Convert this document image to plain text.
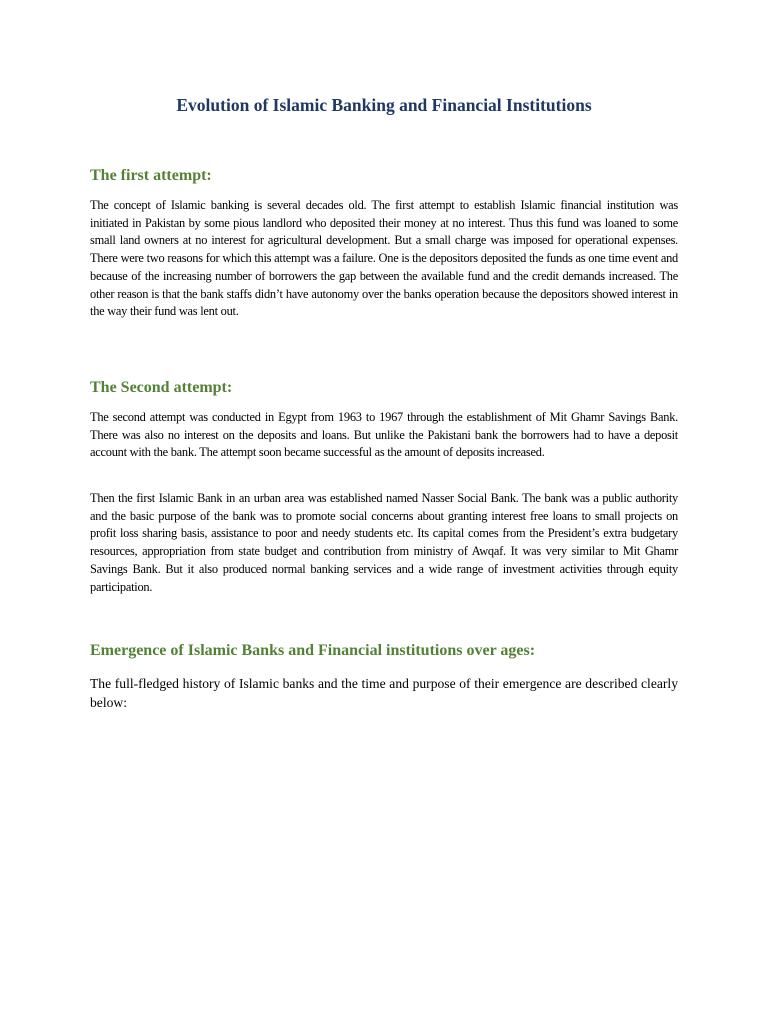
Evolution of Islamic Banking and Financial Institutions
The first attempt:

The concept of Islamic banking is several decades old. The first attempt to establish Islamic financial institution was initiated in Pakistan by some pious landlord who deposited their money at no interest. Thus this fund was loaned to some small land owners at no interest for agricultural development. But a small charge was imposed for operational expenses. There were two reasons for which this attempt was a failure. One is the depositors deposited the funds as one time event and because of the increasing number of borrowers the gap between the available fund and the credit demands increased. The other reason is that the bank staffs didn’t have autonomy over the banks operation because the depositors showed interest in the way their fund was lent out.

The Second attempt:

The second attempt was conducted in Egypt from 1963 to 1967 through the establishment of Mit Ghamr Savings Bank. There was also no interest on the deposits and loans. But unlike the Pakistani bank the borrowers had to have a deposit account with the bank. The attempt soon became successful as the amount of deposits increased.

Then the first Islamic Bank in an urban area was established named Nasser Social Bank. The bank was a public authority and the basic purpose of the bank was to promote social concerns about granting interest free loans to small projects on profit loss sharing basis, assistance to poor and needy students etc. Its capital comes from the President’s extra budgetary resources, appropriation from state budget and contribution from ministry of Awqaf. It was very similar to Mit Ghamr Savings Bank. But it also produced normal banking services and a wide range of investment activities through equity participation.

Emergence of Islamic Banks and Financial institutions over ages:

The full-fledged history of Islamic banks and the time and purpose of their emergence are described clearly below:
